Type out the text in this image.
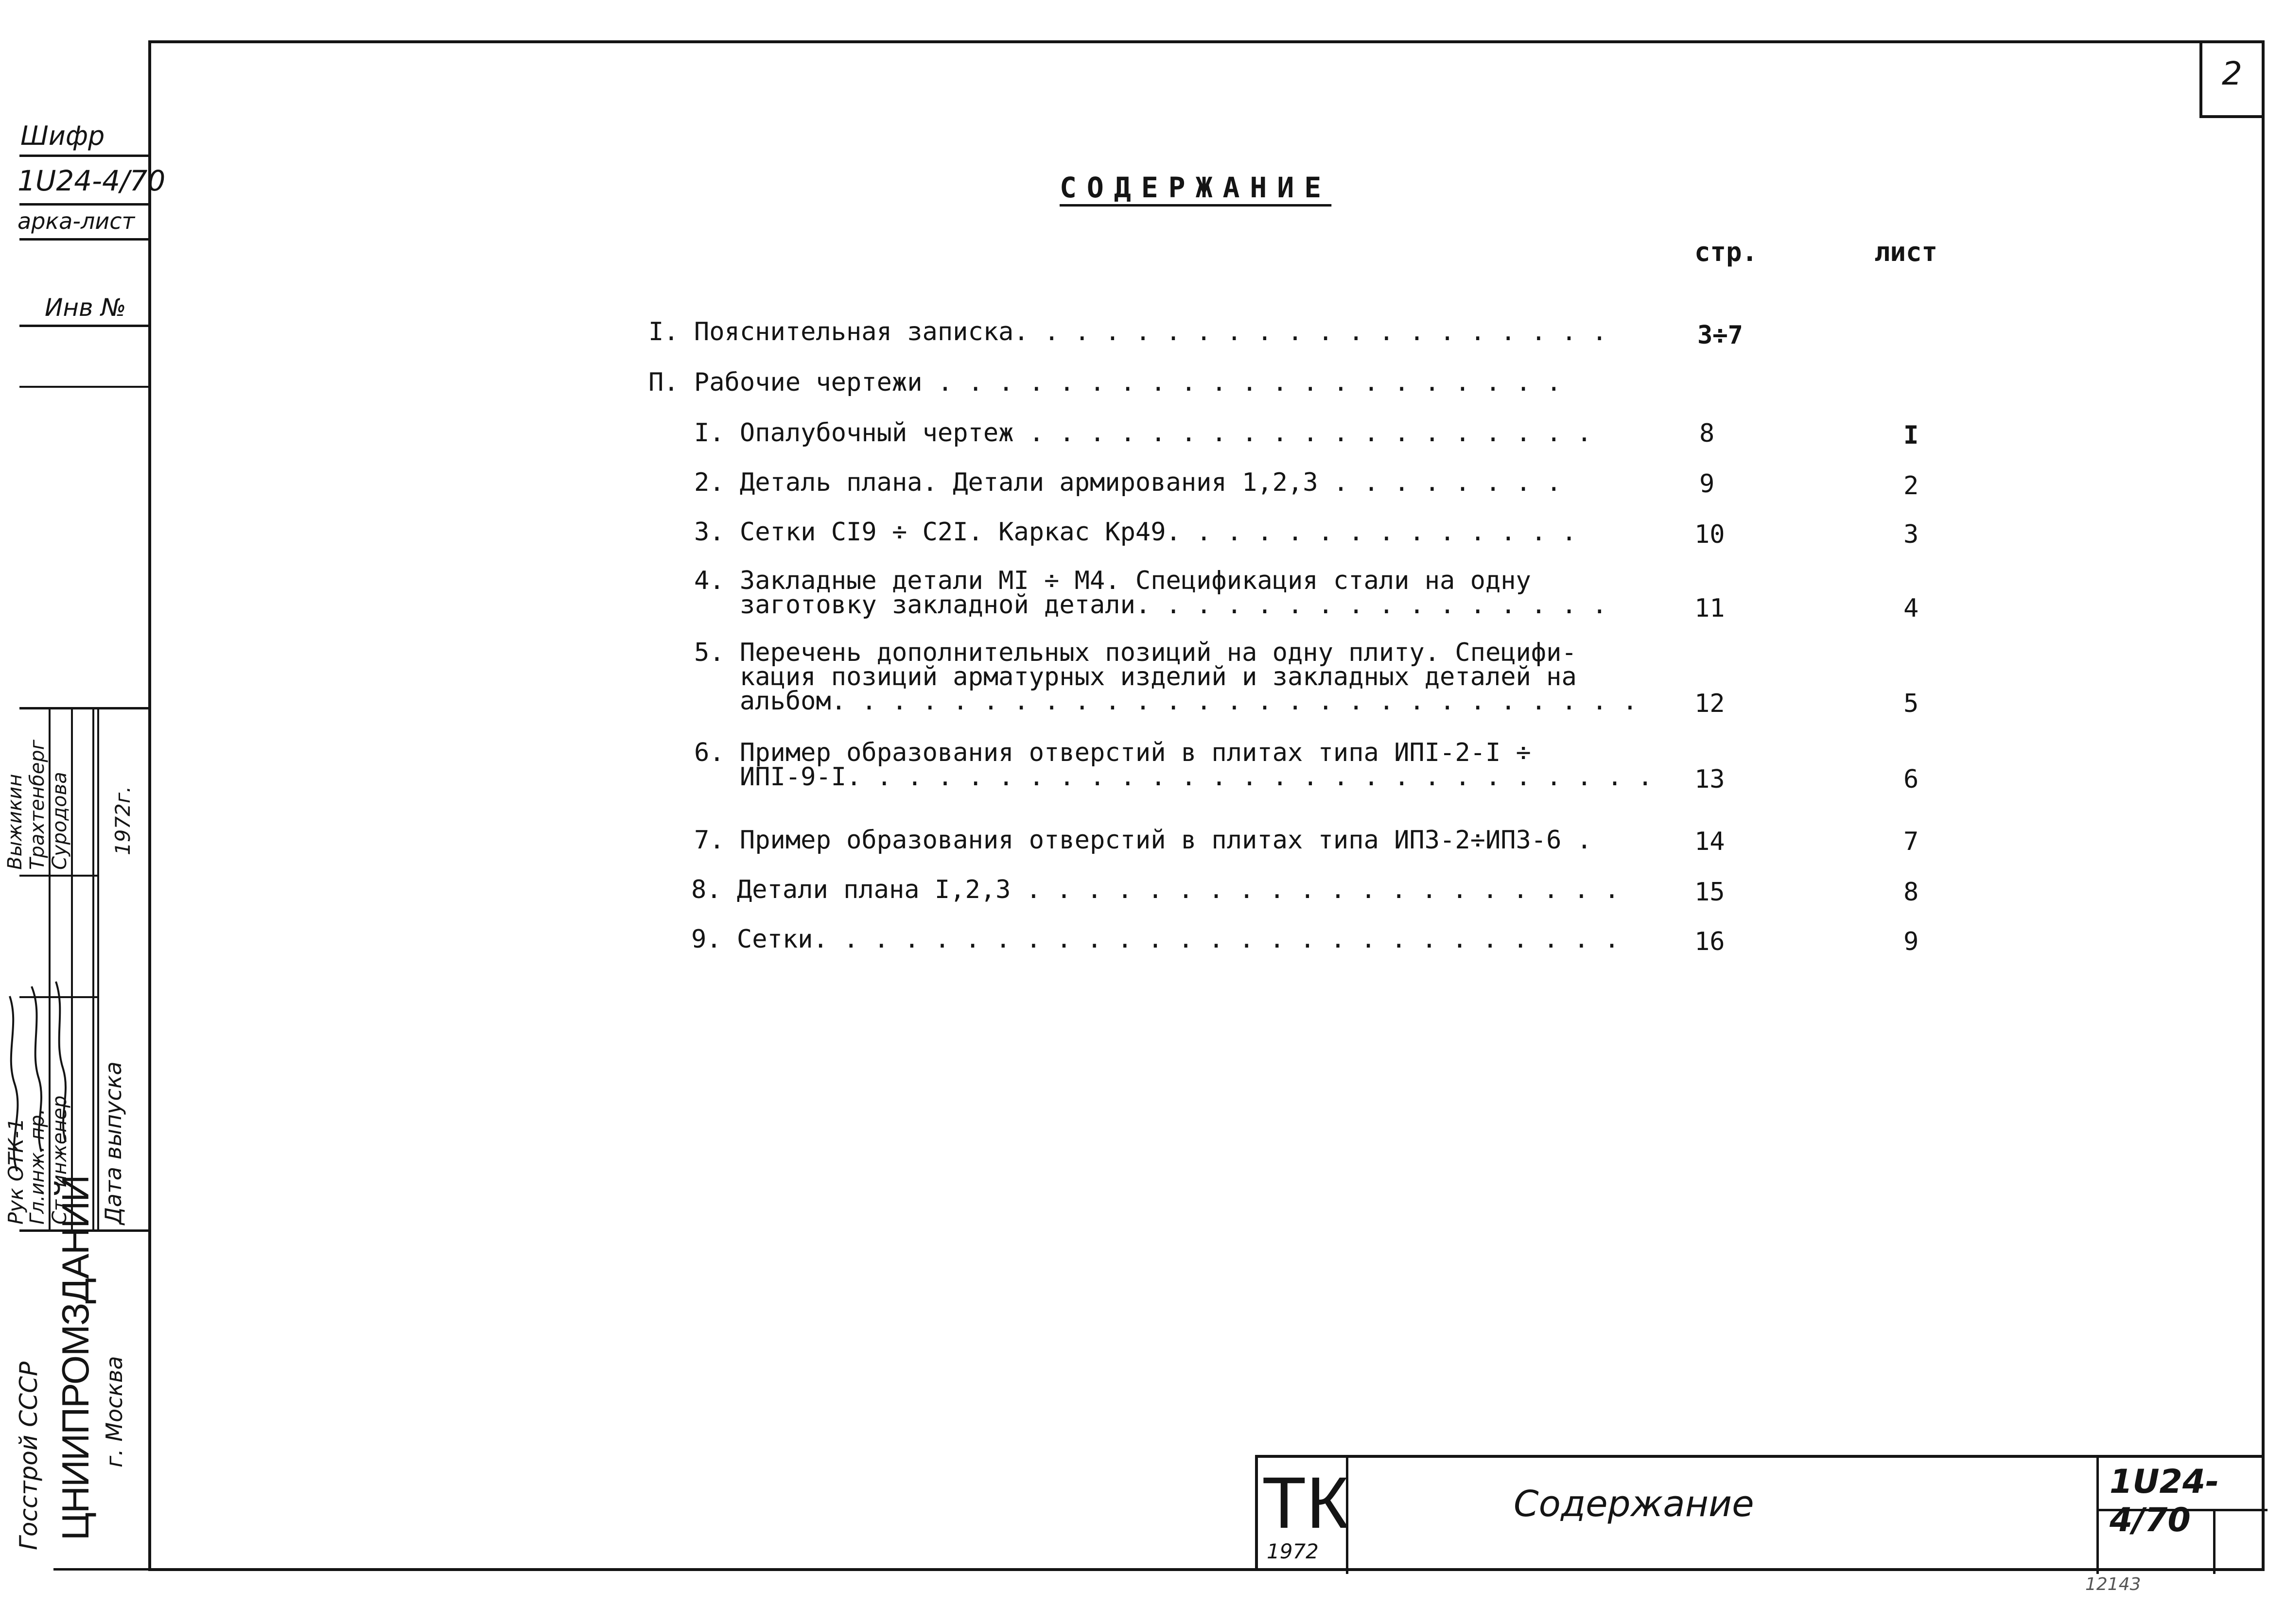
2
Шифр
1U24-4/70
арка-лист
Инв №
Рук ОТК-1
Гл.инж. пр. Ст. инженер Дата выпуска
Выжикин Трахтенберг Суродова 1972г.
Госстрой СССР ЦНИИПРОМЗДАНИЙ г. Москва
СОДЕРЖАНИЕ
стр.	лист
I. Пояснительная записка. . . . . . . . . . . . . . . . . . . .	3÷7
П. Рабочие чертежи . . . . . . . . . . . . . . . . . . . . .
I. Опалубочный чертеж . . . . . . . . . . . . . . . . . . .	8	I
2. Деталь плана. Детали армирования 1,2,3 . . . . . . . .	9	2
3. Сетки СI9 ÷ С2I. Каркас Кр49. . . . . . . . . . . . . .	10	3
4. Закладные детали МI ÷ М4. Спецификация стали на одну
заготовку закладной детали. . . . . . . . . . . . . . . .	11	4
5. Перечень дополнительных позиций на одну плиту. Специфи-
кация позиций арматурных изделий и закладных деталей на
альбом. . . . . . . . . . . . . . . . . . . . . . . . . . . 12	5
6. Пример образования отверстий в плитах типа ИПI-2-I ÷
ИПI-9-I. . . . . . . . . . . . . . . . . . . . . . . . . . . 13	6
7. Пример образования отверстий в плитах типа ИП3-2÷ИП3-6 .	14	7
8. Детали плана I,2,3 . . . . . . . . . . . . . . . . . . . .	15	8
9. Сетки. . . . . . . . . . . . . . . . . . . . . . . . . . .	16	9
ТК
1972
Содержание
1U24-4/70
12143
